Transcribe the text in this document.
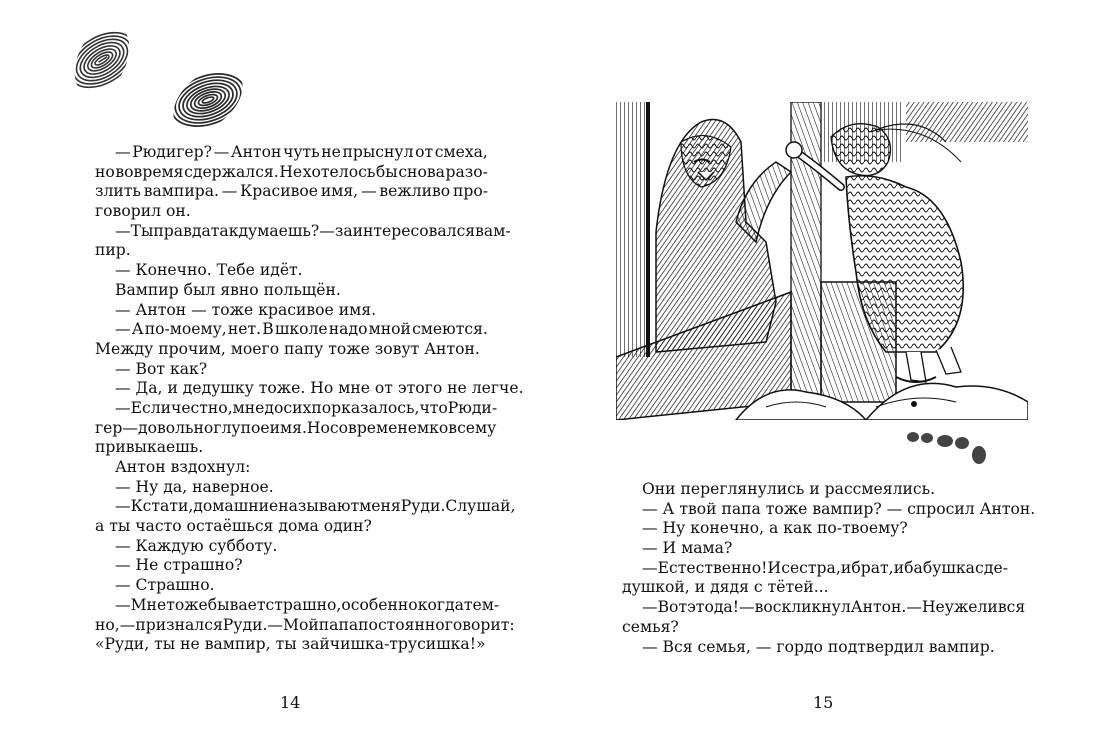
— Рюдигер? — Антон чуть не прыснул от смеха,
но вовремя сдержался. Не хотелось бы снова разо-
злить вампира. — Красивое имя, — вежливо про-
говорил он.
— Ты правда так думаешь? — заинтересовался вам-
пир.
— Конечно. Тебе идёт.
Вампир был явно польщён.
— Антон — тоже красивое имя.
— А по-моему, нет. В школе надо мной смеются.
Между прочим, моего папу тоже зовут Антон.
— Вот как?
— Да, и дедушку тоже. Но мне от этого не легче.
— Если честно, мне до сих пор казалось, что Рюди-
гер — довольно глупое имя. Но со временем ко всему
привыкаешь.
Антон вздохнул:
— Ну да, наверное.
— Кстати, домашние называют меня Руди. Слушай,
а ты часто остаёшься дома один?
— Каждую субботу.
— Не страшно?
— Страшно.
— Мне тоже бывает страшно, особенно когда тем-
но, — признался Руди. — Мой папа постоянно говорит:
«Руди, ты не вампир, ты зайчишка-трусишка!»
14
Они переглянулись и рассмеялись.
— А твой папа тоже вампир? — спросил Антон.
— Ну конечно, а как по-твоему?
— И мама?
— Естественно! И сестра, и брат, и бабушка с де-
душкой, и дядя с тётей...
— Вот это да! — воскликнул Антон. — Неужели вся
семья?
— Вся семья, — гордо подтвердил вампир.
15
